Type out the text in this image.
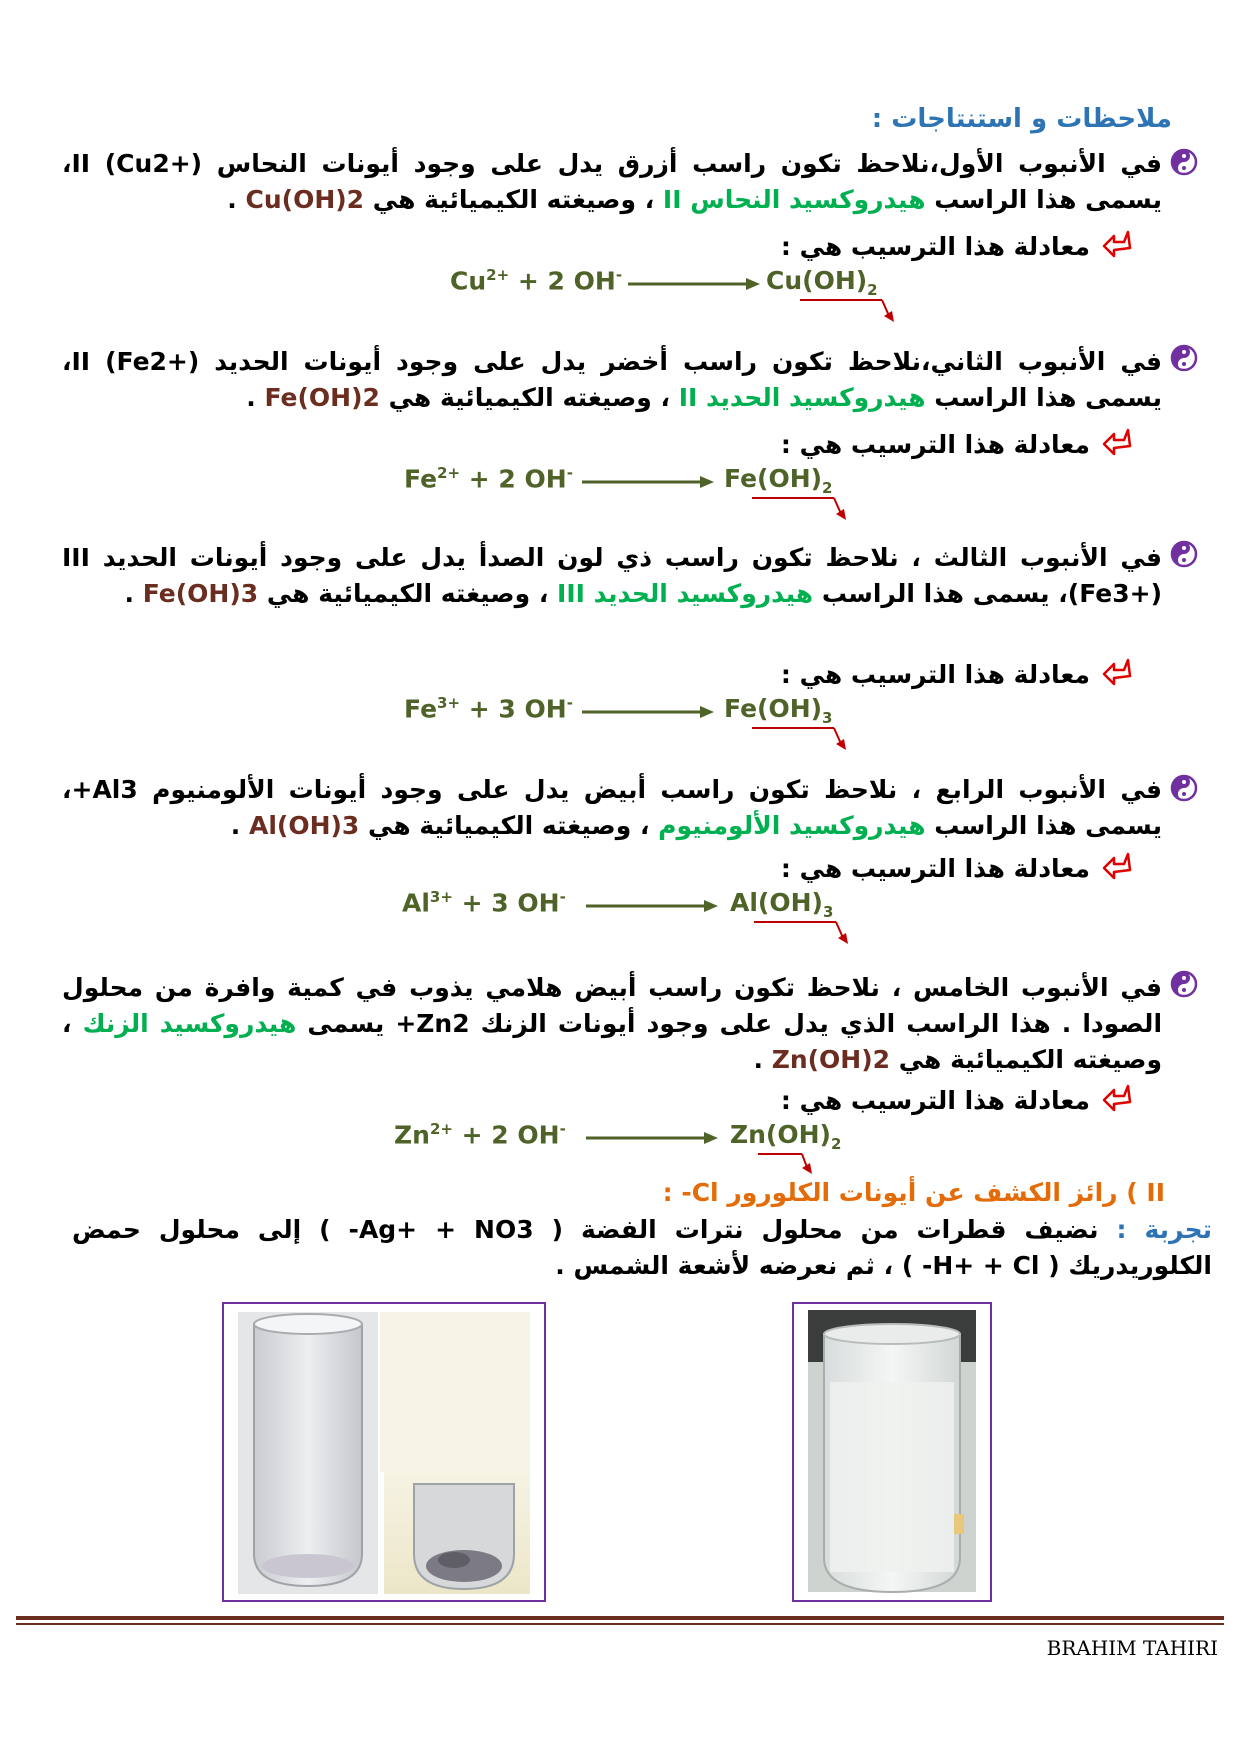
ملاحظات و استنتاجات :
في الأنبوب الأول،نلاحظ تكون راسب أزرق يدل على وجود أيونات النحاس II (Cu2+)، يسمى هذا الراسب هيدروكسيد النحاس II ، وصيغته الكيميائية هي Cu(OH)2 .
معادلة هذا الترسيب هي :
$Cu^{2+} + 2$ OH-	$Cu(OH)_2$
في الأنبوب الثاني،نلاحظ تكون راسب أخضر يدل على وجود أيونات الحديد II (Fe2+)، يسمى هذا الراسب هيدروكسيد الحديد II ، وصيغته الكيميائية هي Fe(OH)2 .
معادلة هذا الترسيب هي :
$Fe^{2+} + 2$ OH-	$Fe(OH)_2$
في الأنبوب الثالث ، نلاحظ تكون راسب ذي لون الصدأ يدل على وجود أيونات الحديد III (Fe3+)، يسمى هذا الراسب هيدروكسيد الحديد III ، وصيغته الكيميائية هي Fe(OH)3 .
معادلة هذا الترسيب هي :
$Fe^{3+} + 3$ OH-	$Fe(OH)_3$
في الأنبوب الرابع ، نلاحظ تكون راسب أبيض يدل على وجود أيونات الألومنيوم Al3+، يسمى هذا الراسب هيدروكسيد الألومنيوم ، وصيغته الكيميائية هي Al(OH)3 .
معادلة هذا الترسيب هي :
$Al^{3+} + 3$ OH-	$Al(OH)_3$
في الأنبوب الخامس ، نلاحظ تكون راسب أبيض هلامي يذوب في كمية وافرة من محلول الصودا . هذا الراسب الذي يدل على وجود أيونات الزنك Zn2+ يسمى هيدروكسيد الزنك ، وصيغته الكيميائية هي Zn(OH)2 .
معادلة هذا الترسيب هي :
$Zn^{2+} + 2$ OH-	$Zn(OH)_2$
II ) رائز الكشف عن أيونات الكلورور Cl- :
تجربة : نضيف قطرات من محلول نترات الفضة ( Ag+ + NO3- ) إلى محلول حمض الكلوريدريك ( H+ + Cl- ) ، ثم نعرضه لأشعة الشمس .
BRAHIM TAHIRI
